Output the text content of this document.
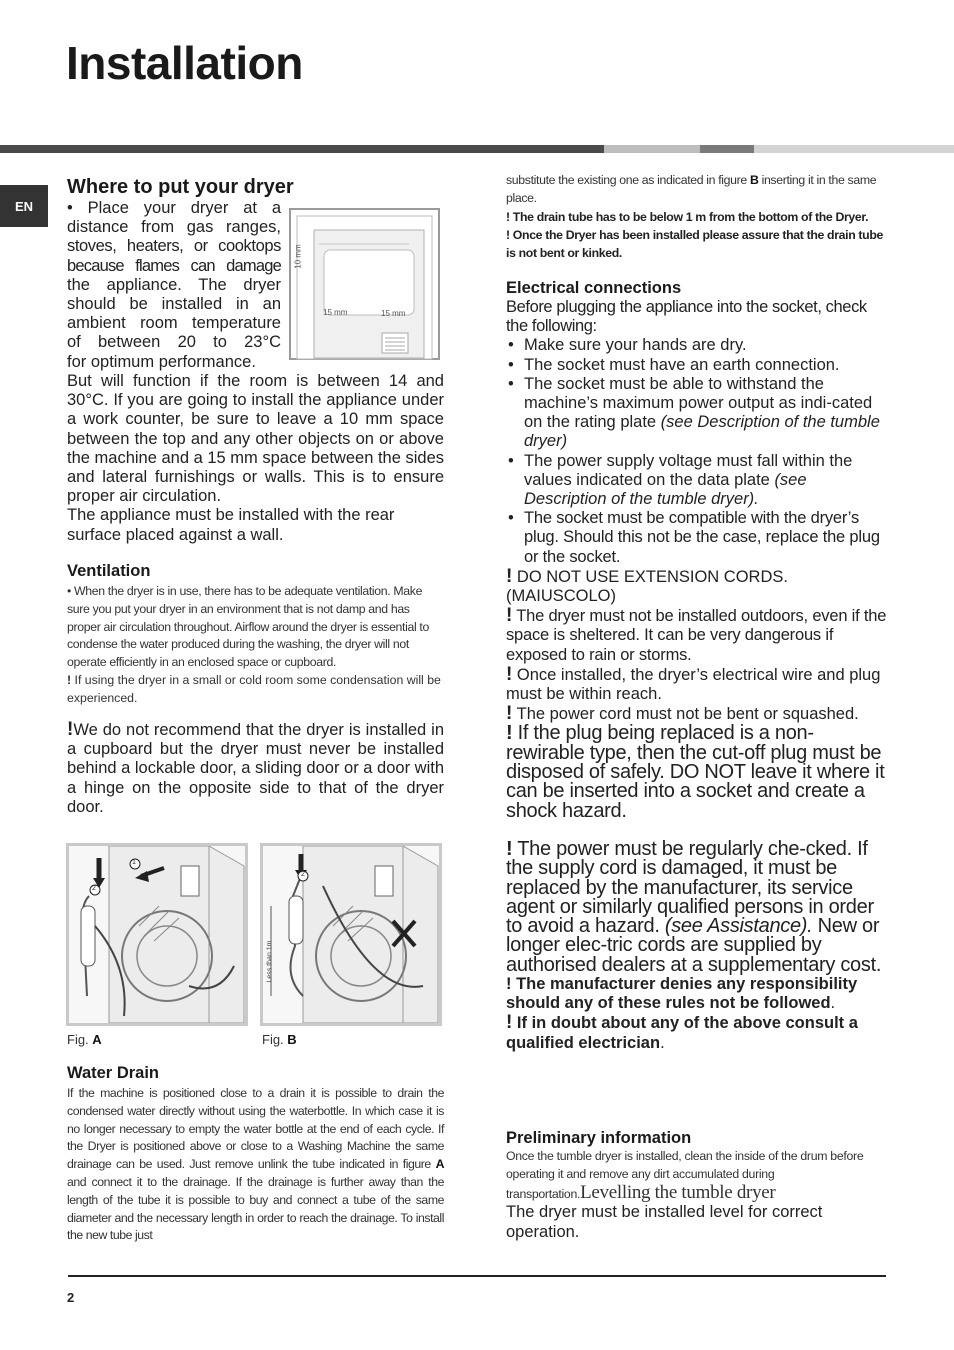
Installation
EN
Where to put your dryer

• Place your dryer at a

distance from gas ranges,

stoves, heaters, or cooktops

because flames can damage

the appliance. The dryer

should be installed in an

ambient room temperature

of between 20 to 23°C

for optimum performance.

10 mm
15 mm	15 mm

But will function if the room is between 14 and 30°C. If you are going to install the appliance under a work counter, be sure to leave a 10 mm space between the top and any other objects on or above the machine and a 15 mm space between the sides and lateral furnishings or walls. This is to ensure proper air circulation.

The appliance must be installed with the rear surface placed against a wall.

Ventilation

• When the dryer is in use, there has to be adequate ventilation. Make sure you put your dryer in an environment that is not damp and has proper air circulation throughout. Airflow around the dryer is essential to condense the water produced during the washing, the dryer will not operate efficiently in an enclosed space or cupboard.

! If using the dryer in a small or cold room some condensation will be experienced.

!We do not recommend that the dryer is installed in a cupboard but the dryer must never be installed behind a lockable door, a sliding door or a door with a hinge on the opposite side to that of the dryer door.

1
2
Fig. A
2
Less than 1m
Fig. B
Water Drain

If the machine is positioned close to a drain it is possible to drain the condensed water directly without using the waterbottle. In which case it is no longer necessary to empty the water bottle at the end of each cycle. If the Dryer is positioned above or close to a Washing Machine the same drainage can be used. Just remove unlink the tube indicated in figure A and connect it to the drainage. If the drainage is further away than the length of the tube it is possible to buy and connect a tube of the same diameter and the necessary length in order to reach the drainage. To install the new tube just

substitute the existing one as indicated in figure B inserting it in the same place.

! The drain tube has to be below 1 m from the bottom of the Dryer.

! Once the Dryer has been installed please assure that the drain tube is not bent or kinked.

Electrical connections

Before plugging the appliance into the socket, check the following:

• Make sure your hands are dry.
• The socket must have an earth connection.
• The socket must be able to withstand the machine’s maximum power output as indi-cated on the rating plate (see Description of the tumble dryer)
• The power supply voltage must fall within the values indicated on the data plate (see Description of the tumble dryer).
• The socket must be compatible with the dryer’s plug. Should this not be the case, replace the plug or the socket.

! DO NOT USE EXTENSION CORDS. (MAIUSCOLO)

! The dryer must not be installed outdoors, even if the space is sheltered. It can be very dangerous if exposed to rain or storms.

! Once installed, the dryer’s electrical wire and plug must be within reach.

! The power cord must not be bent or squashed.

! If the plug being replaced is a non-rewirable type, then the cut-off plug must be disposed of safely. DO NOT leave it where it can be inserted into a socket and create a shock hazard.

! The power must be regularly che-cked. If the supply cord is damaged, it must be replaced by the manufacturer, its service agent or similarly qualified persons in order to avoid a hazard. (see Assistance). New or longer elec-tric cords are supplied by authorised dealers at a supplementary cost.

! The manufacturer denies any responsibility should any of these rules not be followed.

! If in doubt about any of the above consult a qualified electrician.

Preliminary information

Once the tumble dryer is installed, clean the inside of the drum before operating it and remove any dirt accumulated during transportation.Levelling the tumble dryer

The dryer must be installed level for correct operation.

2
